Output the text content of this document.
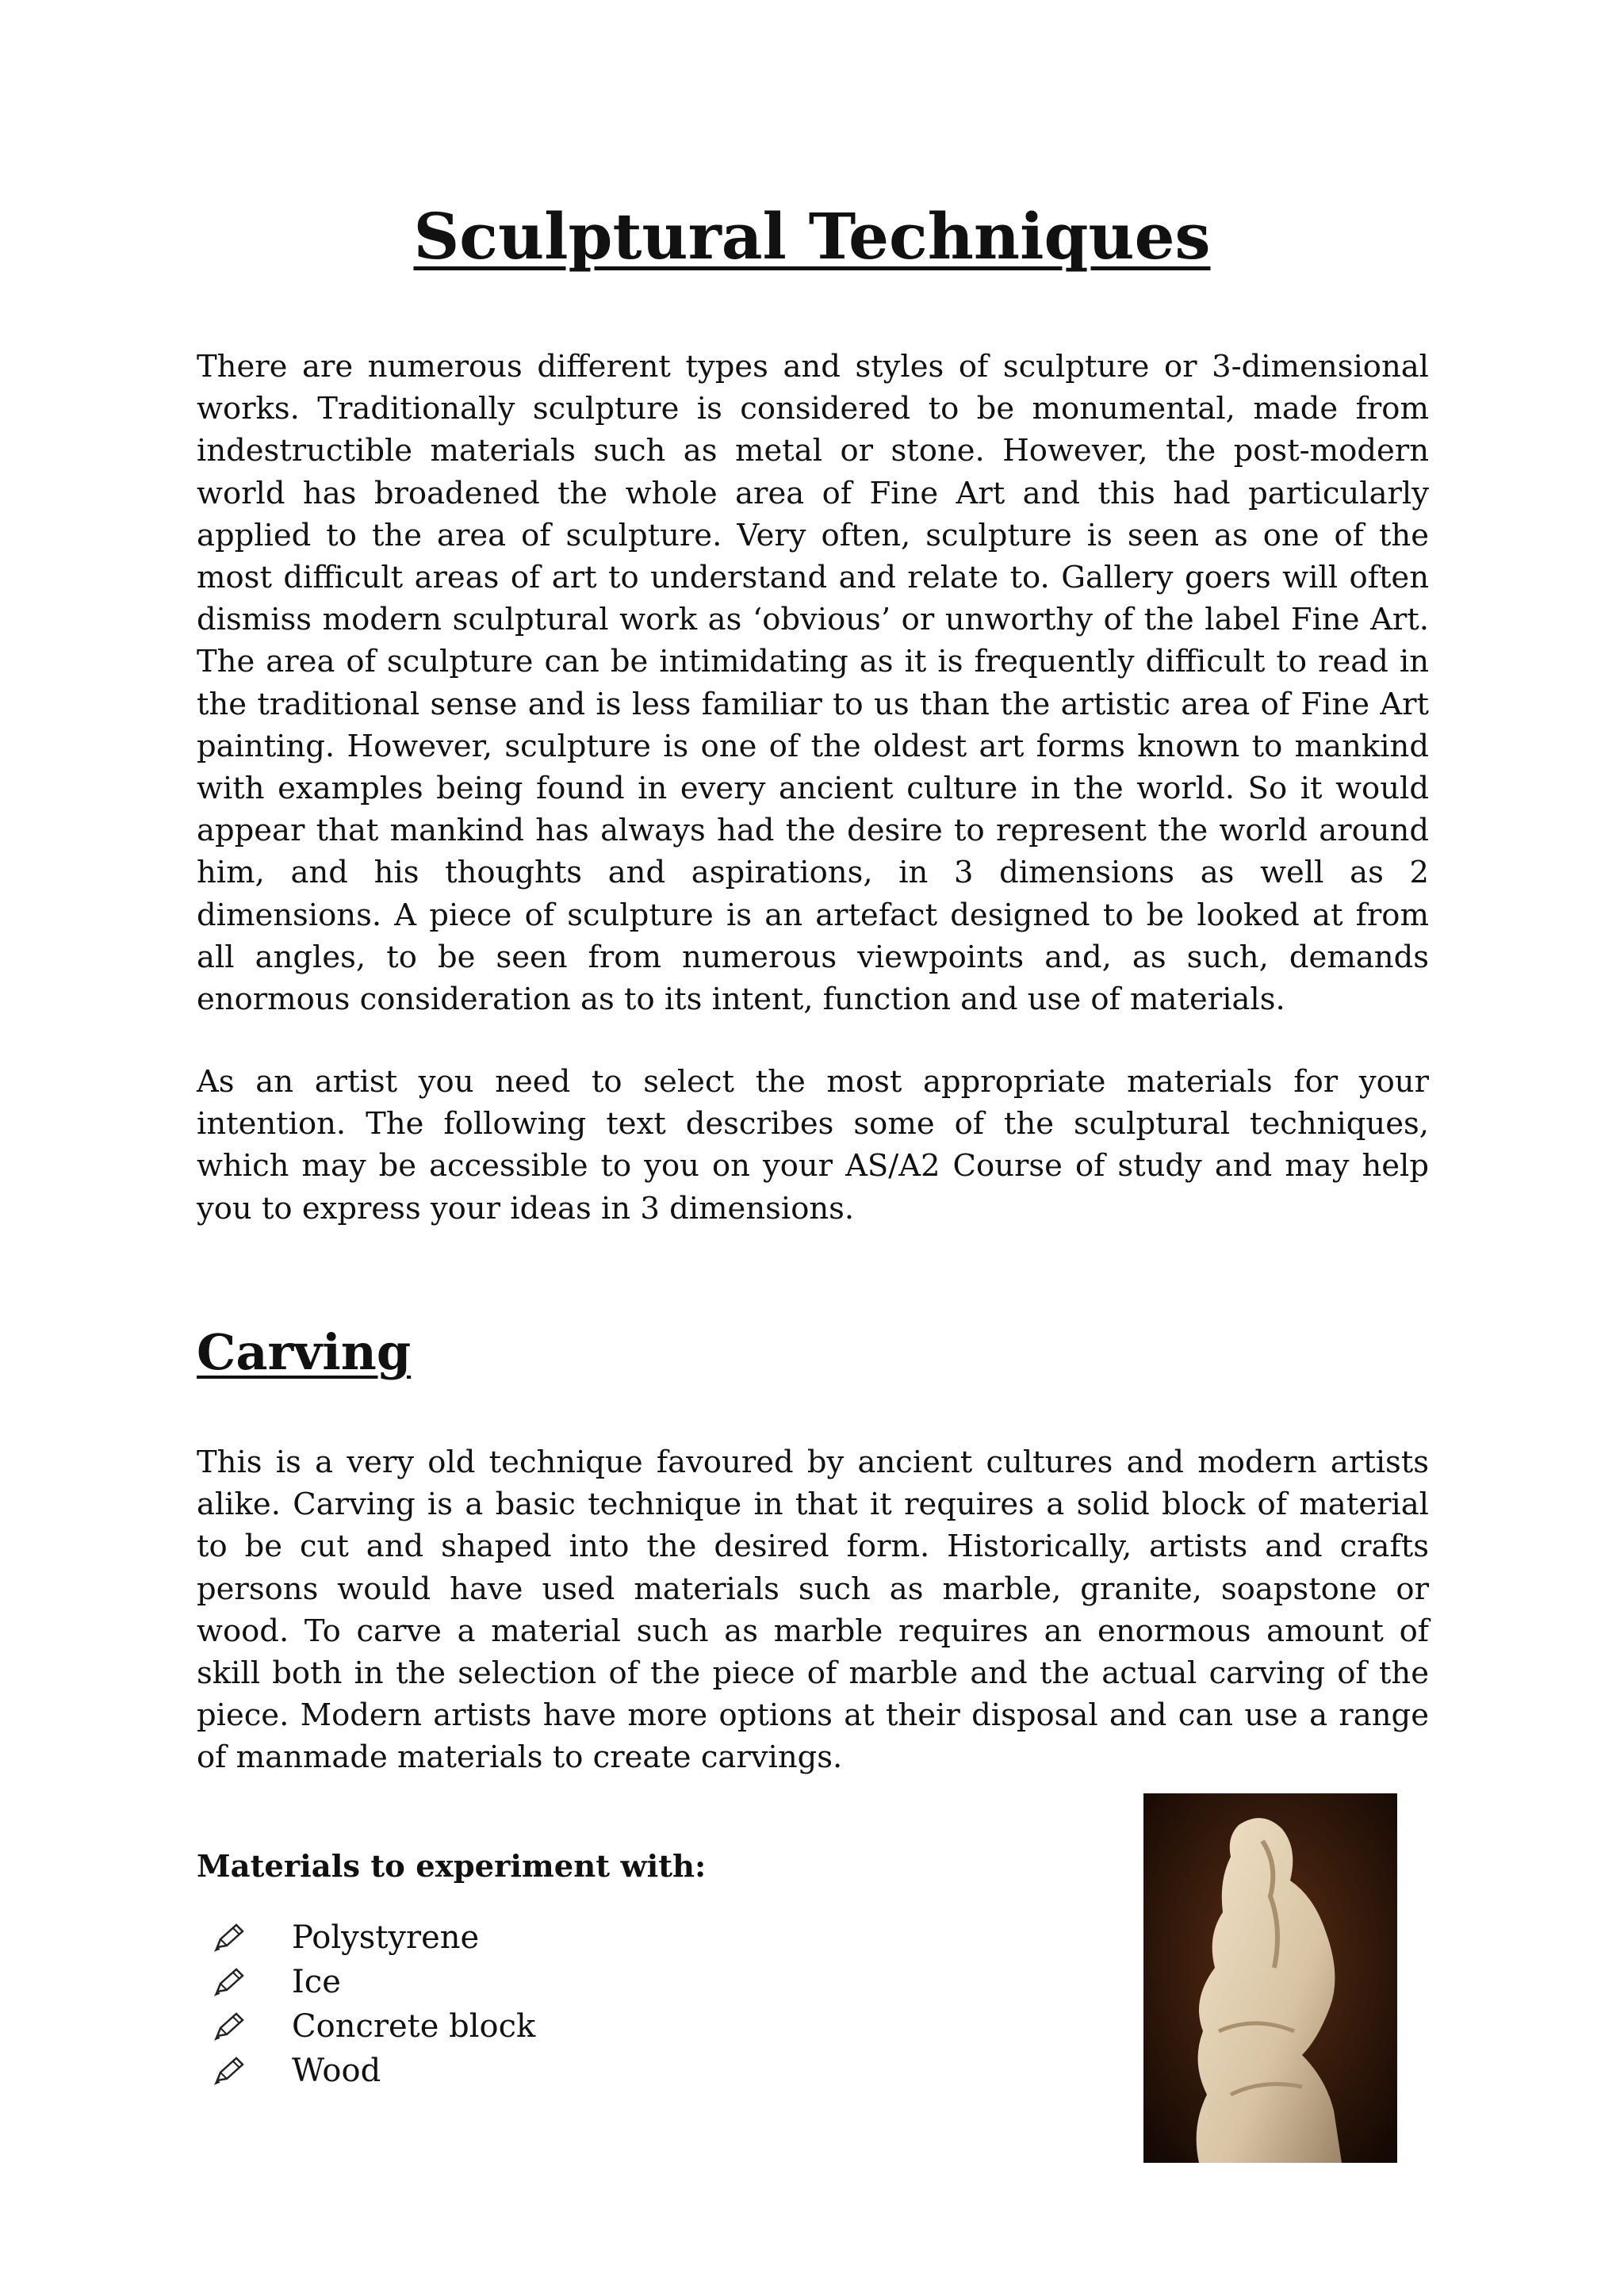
Sculptural Techniques

There are numerous different types and styles of sculpture or 3-dimensional works. Traditionally sculpture is considered to be monumental, made from indestructible materials such as metal or stone. However, the post-modern world has broadened the whole area of Fine Art and this had particularly applied to the area of sculpture. Very often, sculpture is seen as one of the most difficult areas of art to understand and relate to. Gallery goers will often dismiss modern sculptural work as ‘obvious’ or unworthy of the label Fine Art. The area of sculpture can be intimidating as it is frequently difficult to read in the traditional sense and is less familiar to us than the artistic area of Fine Art painting. However, sculpture is one of the oldest art forms known to mankind with examples being found in every ancient culture in the world. So it would appear that mankind has always had the desire to represent the world around him, and his thoughts and aspirations, in 3 dimensions as well as 2 dimensions. A piece of sculpture is an artefact designed to be looked at from all angles, to be seen from numerous viewpoints and, as such, demands enormous consideration as to its intent, function and use of materials.

As an artist you need to select the most appropriate materials for your intention. The following text describes some of the sculptural techniques, which may be accessible to you on your AS/A2 Course of study and may help you to express your ideas in 3 dimensions.

Carving

This is a very old technique favoured by ancient cultures and modern artists alike. Carving is a basic technique in that it requires a solid block of material to be cut and shaped into the desired form. Historically, artists and crafts persons would have used materials such as marble, granite, soapstone or wood. To carve a material such as marble requires an enormous amount of skill both in the selection of the piece of marble and the actual carving of the piece. Modern artists have more options at their disposal and can use a range of manmade materials to create carvings.

Materials to experiment with:
Polystyrene
Ice
Concrete block
Wood
